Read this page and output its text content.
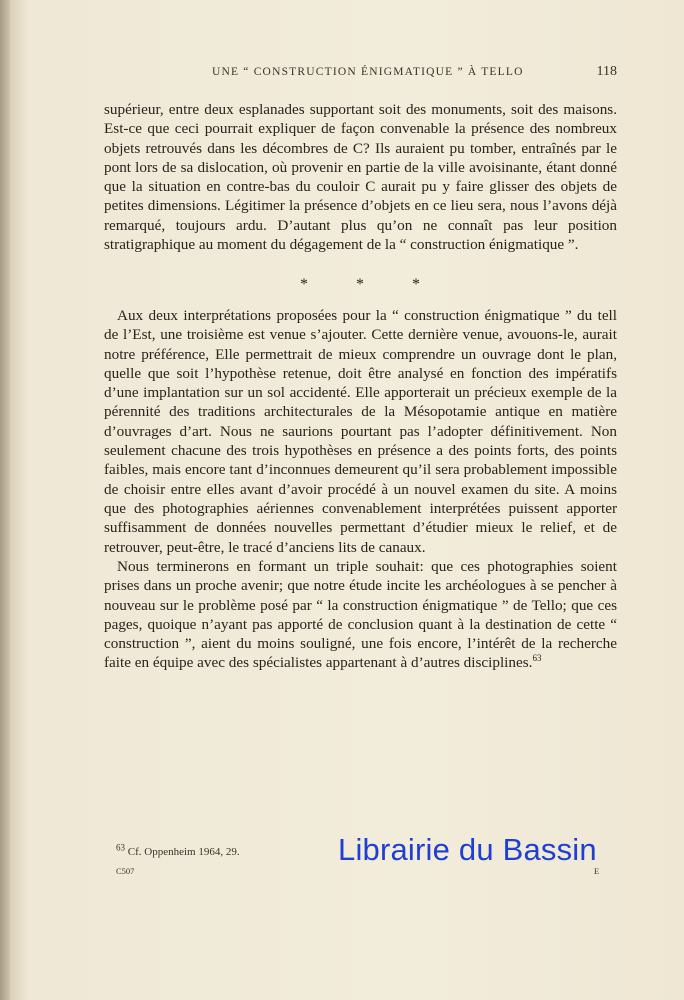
UNE “ CONSTRUCTION ÉNIGMATIQUE ” À TELLO	118

supérieur, entre deux esplanades supportant soit des monuments, soit des maisons. Est-ce que ceci pourrait expliquer de façon convenable la présence des nombreux objets retrouvés dans les décombres de C? Ils auraient pu tomber, entraînés par le pont lors de sa dislocation, où provenir en partie de la ville avoisinante, étant donné que la situation en contre-bas du couloir C aurait pu y faire glisser des objets de petites dimensions. Légitimer la présence d’objets en ce lieu sera, nous l’avons déjà remarqué, toujours ardu. D’autant plus qu’on ne connaît pas leur position stratigraphique au moment du dégagement de la “ construction énigmatique ”.

*	*	*

Aux deux interprétations proposées pour la “ construction énigmatique ” du tell de l’Est, une troisième est venue s’ajouter. Cette dernière venue, avouons-le, aurait notre préférence, Elle permettrait de mieux comprendre un ouvrage dont le plan, quelle que soit l’hypothèse retenue, doit être analysé en fonction des impératifs d’une implantation sur un sol accidenté. Elle apporterait un précieux exemple de la pérennité des traditions architecturales de la Mésopotamie antique en matière d’ouvrages d’art. Nous ne saurions pourtant pas l’adopter définitivement. Non seulement chacune des trois hypothèses en présence a des points forts, des points faibles, mais encore tant d’inconnues demeurent qu’il sera probablement impossible de choisir entre elles avant d’avoir procédé à un nouvel examen du site. A moins que des photographies aériennes convenablement interprétées puissent apporter suffisamment de données nouvelles permettant d’étudier mieux le relief, et de retrouver, peut-être, le tracé d’anciens lits de canaux.

Nous terminerons en formant un triple souhait: que ces photographies soient prises dans un proche avenir; que notre étude incite les archéologues à se pencher à nouveau sur le problème posé par “ la construction énigmatique ” de Tello; que ces pages, quoique n’ayant pas apporté de conclusion quant à la destination de cette “ construction ”, aient du moins souligné, une fois encore, l’intérêt de la recherche faite en équipe avec des spécialistes appartenant à d’autres disciplines.$^{63}$

$^{63}$ Cf. Oppenheim 1964, 29.
C507	E
Librairie du Bassin
